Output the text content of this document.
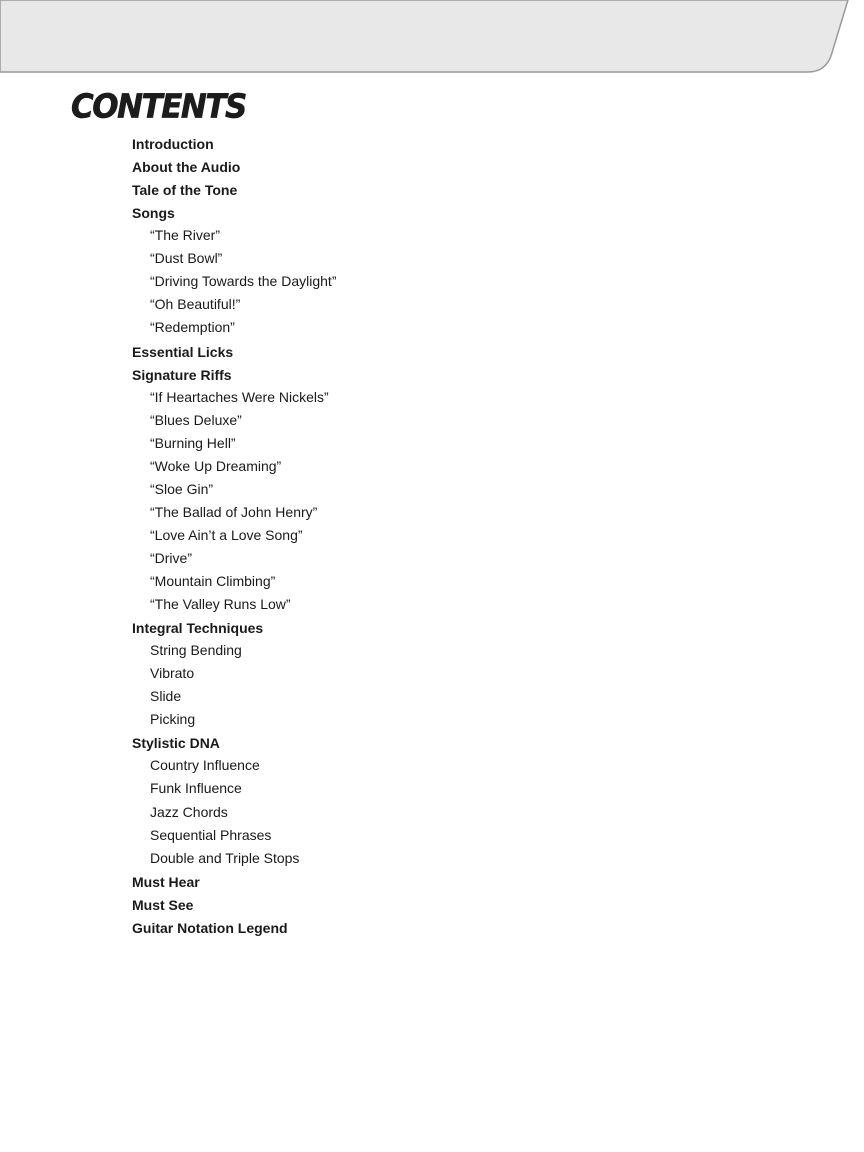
CONTENTS
Introduction
About the Audio
Tale of the Tone
Songs
“The River”
“Dust Bowl”
“Driving Towards the Daylight”
“Oh Beautiful!”
“Redemption”
Essential Licks
Signature Riffs
“If Heartaches Were Nickels”
“Blues Deluxe”
“Burning Hell”
“Woke Up Dreaming”
“Sloe Gin”
“The Ballad of John Henry”
“Love Ain’t a Love Song”
“Drive”
“Mountain Climbing”
“The Valley Runs Low”
Integral Techniques
String Bending
Vibrato
Slide
Picking
Stylistic DNA
Country Influence
Funk Influence
Jazz Chords
Sequential Phrases
Double and Triple Stops
Must Hear
Must See
Guitar Notation Legend
